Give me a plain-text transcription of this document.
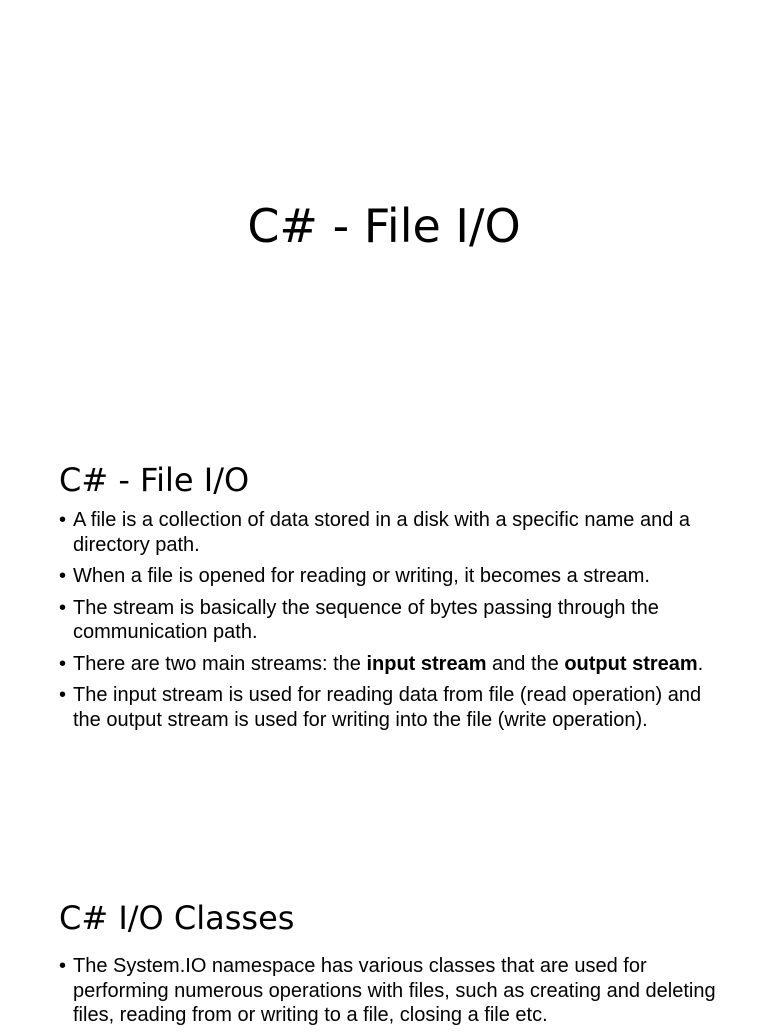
C# - File I/O
C# - File I/O
• A file is a collection of data stored in a disk with a specific name and a directory path.
• When a file is opened for reading or writing, it becomes a stream.
• The stream is basically the sequence of bytes passing through the communication path.
• There are two main streams: the input stream and the output stream.
• The input stream is used for reading data from file (read operation) and the output stream is used for writing into the file (write operation).
C# I/O Classes
• The System.IO namespace has various classes that are used for performing numerous operations with files, such as creating and deleting files, reading from or writing to a file, closing a file etc.
